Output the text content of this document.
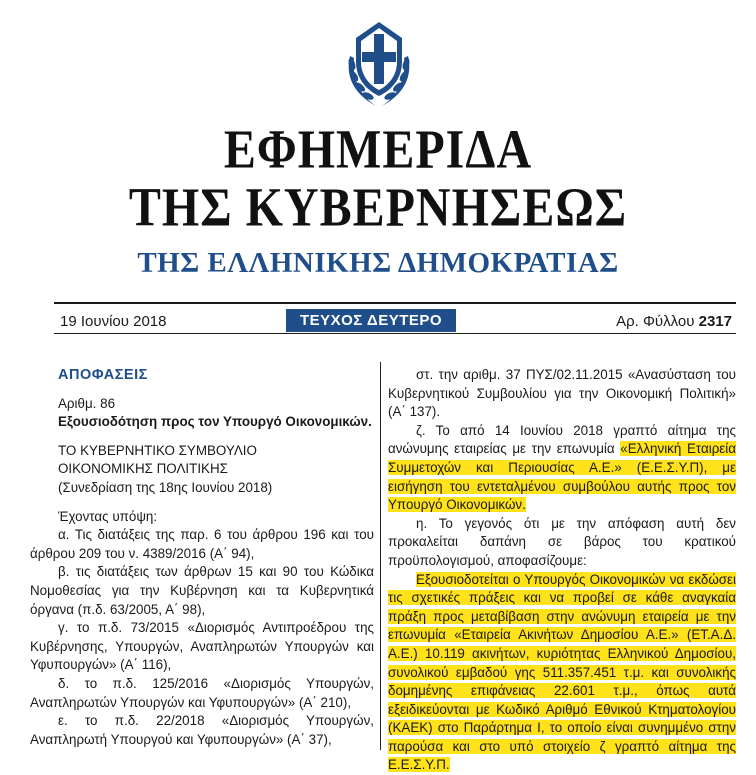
ΕΦΗΜΕΡΙΔΑ
ΤΗΣ ΚΥΒΕΡΝΗΣΕΩΣ
ΤΗΣ ΕΛΛΗΝΙΚΗΣ ΔΗΜΟΚΡΑΤΙΑΣ
19 Ιουνίου 2018	ΤΕΥΧΟΣ ΔΕΥΤΕΡΟ	Αρ. Φύλλου 2317
ΑΠΟΦΑΣΕΙΣ
Αριθμ. 86
Εξουσιοδότηση προς τον Υπουργό Οικονομικών.
ΤΟ ΚΥΒΕΡΝΗΤΙΚΟ ΣΥΜΒΟΥΛΙΟ
ΟΙΚΟΝΟΜΙΚΗΣ ΠΟΛΙΤΙΚΗΣ
(Συνεδρίαση της 18ης Ιουνίου 2018)
Έχοντας υπόψη:
α. Τις διατάξεις της παρ. 6 του άρθρου 196 και του άρθρου 209 του ν. 4389/2016 (Α΄ 94),
β. τις διατάξεις των άρθρων 15 και 90 του Κώδικα Νομοθεσίας για την Κυβέρνηση και τα Κυβερνητικά όργανα (π.δ. 63/2005, Α΄ 98),
γ. το π.δ. 73/2015 «Διορισμός Αντιπροέδρου της Κυβέρνησης, Υπουργών, Αναπληρωτών Υπουργών και Υφυπουργών» (Α΄ 116),
δ. το π.δ. 125/2016 «Διορισμός Υπουργών, Αναπληρωτών Υπουργών και Υφυπουργών» (Α΄ 210),
ε. το π.δ. 22/2018 «Διορισμός Υπουργών, Αναπληρωτή Υπουργού και Υφυπουργών» (Α΄ 37),
στ. την αριθμ. 37 ΠΥΣ/02.11.2015 «Ανασύσταση του Κυβερνητικού Συμβουλίου για την Οικονομική Πολιτική» (Α΄ 137).
ζ. Το από 14 Ιουνίου 2018 γραπτό αίτημα της ανώνυμης εταιρείας με την επωνυμία «Ελληνική Εταιρεία Συμμετοχών και Περιουσίας Α.Ε.» (Ε.Ε.Σ.Υ.Π), με εισήγηση του εντεταλμένου συμβούλου αυτής προς τον Υπουργό Οικονομικών.
η. Το γεγονός ότι με την απόφαση αυτή δεν προκαλείται δαπάνη σε βάρος του κρατικού προϋπολογισμού, αποφασίζουμε:
Εξουσιοδοτείται ο Υπουργός Οικονομικών να εκδώσει τις σχετικές πράξεις και να προβεί σε κάθε αναγκαία πράξη προς μεταβίβαση στην ανώνυμη εταιρεία με την επωνυμία «Εταιρεία Ακινήτων Δημοσίου Α.Ε.» (ΕΤ.Α.Δ. Α.Ε.) 10.119 ακινήτων, κυριότητας Ελληνικού Δημοσίου, συνολικού εμβαδού γης 511.357.451 τ.μ. και συνολικής δομημένης επιφάνειας 22.601 τ.μ., όπως αυτά εξειδικεύονται με Κωδικό Αριθμό Εθνικού Κτηματολογίου (ΚΑΕΚ) στο Παράρτημα Ι, το οποίο είναι συνημμένο στην παρούσα και στο υπό στοιχείο ζ γραπτό αίτημα της Ε.Ε.Σ.Υ.Π.
